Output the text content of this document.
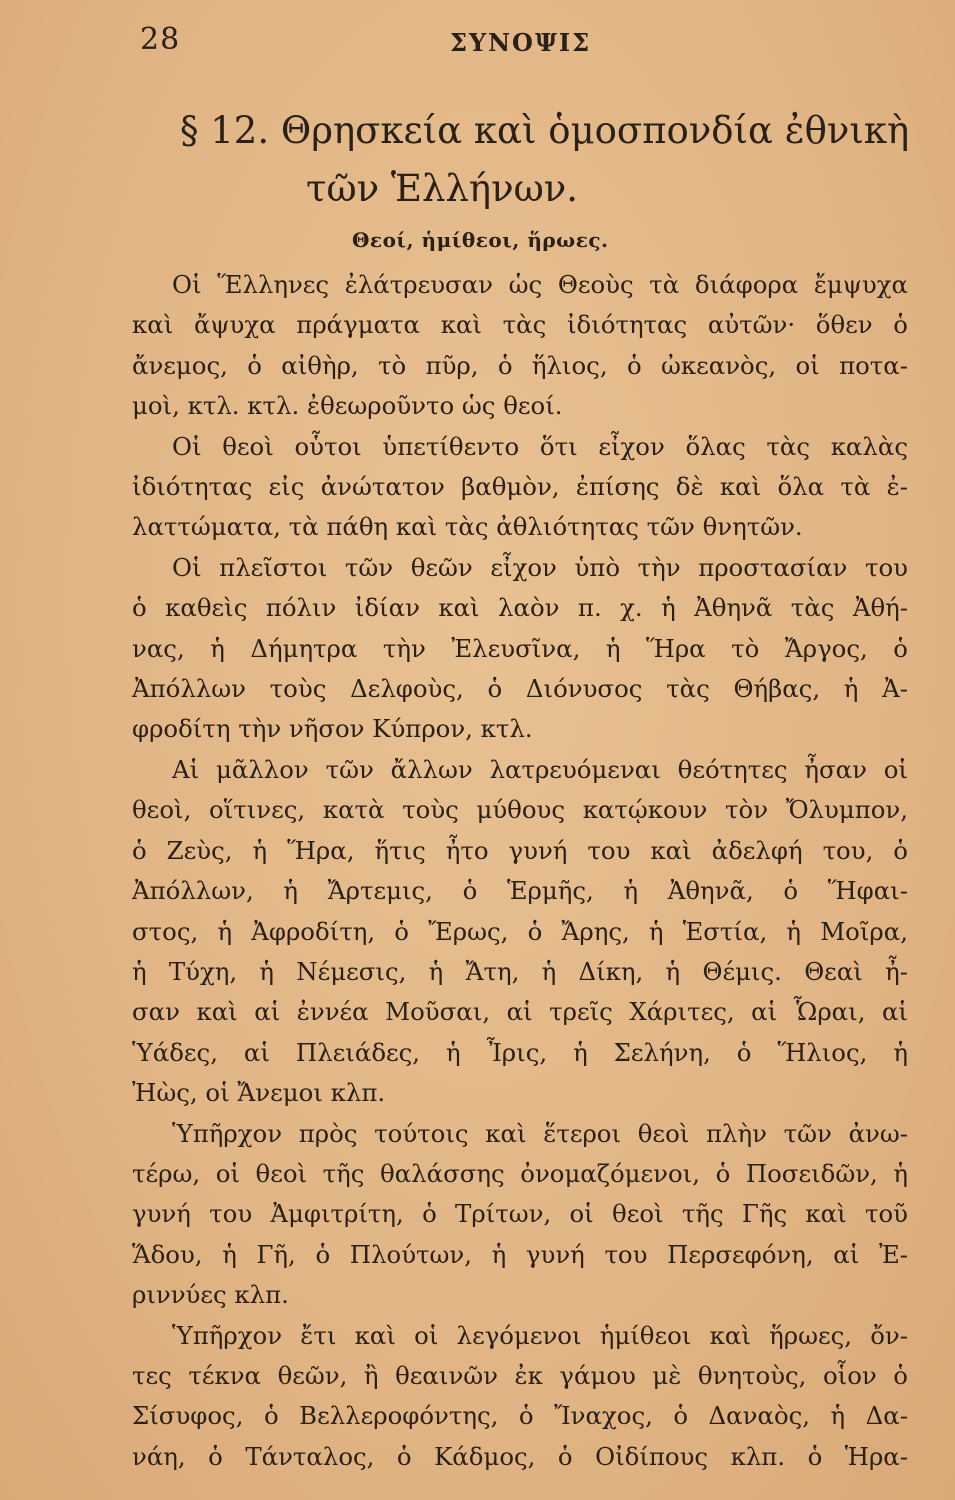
28	ΣΥΝΟΨΙΣ
§ 12. Θρησκεία καὶ ὁμοσπονδία ἐθνικὴ
τῶν Ἑλλήνων.
Θεοί, ἡμίθεοι, ἥρωες.
Οἱ Ἕλληνες ἐλάτρευσαν ὡς Θεοὺς τὰ διάφορα ἔμψυχα
καὶ ἄψυχα πράγματα καὶ τὰς ἰδιότητας αὐτῶν· ὅθεν ὁ
ἄνεμος, ὁ αἰθὴρ, τὸ πῦρ, ὁ ἥλιος, ὁ ὠκεανὸς, οἱ ποτα-
μοὶ, κτλ. κτλ. ἐθεωροῦντο ὡς θεοί.
Οἱ θεοὶ οὗτοι ὑπετίθεντο ὅτι εἶχον ὅλας τὰς καλὰς
ἰδιότητας εἰς ἀνώτατον βαθμὸν, ἐπίσης δὲ καὶ ὅλα τὰ ἐ-
λαττώματα, τὰ πάθη καὶ τὰς ἀθλιότητας τῶν θνητῶν.
Οἱ πλεῖστοι τῶν θεῶν εἶχον ὑπὸ τὴν προστασίαν του
ὁ καθεὶς πόλιν ἰδίαν καὶ λαὸν π. χ. ἡ Ἀθηνᾶ τὰς Ἀθή-
νας, ἡ Δήμητρα τὴν Ἐλευσῖνα, ἡ Ἥρα τὸ Ἄργος, ὁ
Ἀπόλλων τοὺς Δελφοὺς, ὁ Διόνυσος τὰς Θήβας, ἡ Ἀ-
φροδίτη τὴν νῆσον Κύπρον, κτλ.
Αἱ μᾶλλον τῶν ἄλλων λατρευόμεναι θεότητες ἦσαν οἱ
θεοὶ, οἵτινες, κατὰ τοὺς μύθους κατῴκουν τὸν Ὄλυμπον,
ὁ Ζεὺς, ἡ Ἥρα, ἥτις ἦτο γυνή του καὶ ἀδελφή του, ὁ
Ἀπόλλων, ἡ Ἄρτεμις, ὁ Ἑρμῆς, ἡ Ἀθηνᾶ, ὁ Ἥφαι-
στος, ἡ Ἀφροδίτη, ὁ Ἔρως, ὁ Ἄρης, ἡ Ἑστία, ἡ Μοῖρα,
ἡ Τύχη, ἡ Νέμεσις, ἡ Ἄτη, ἡ Δίκη, ἡ Θέμις. Θεαὶ ἦ-
σαν καὶ αἱ ἐννέα Μοῦσαι, αἱ τρεῖς Χάριτες, αἱ Ὧραι, αἱ
Ὑάδες, αἱ Πλειάδες, ἡ Ἶρις, ἡ Σελήνη, ὁ Ἥλιος, ἡ
Ἠὼς, οἱ Ἄνεμοι κλπ.
Ὑπῆρχον πρὸς τούτοις καὶ ἕτεροι θεοὶ πλὴν τῶν ἀνω-
τέρω, οἱ θεοὶ τῆς θαλάσσης ὀνομαζόμενοι, ὁ Ποσειδῶν, ἡ
γυνή του Ἀμφιτρίτη, ὁ Τρίτων, οἱ θεοὶ τῆς Γῆς καὶ τοῦ
Ἅδου, ἡ Γῆ, ὁ Πλούτων, ἡ γυνή του Περσεφόνη, αἱ Ἐ-
ριννύες κλπ.
Ὑπῆρχον ἔτι καὶ οἱ λεγόμενοι ἡμίθεοι καὶ ἥρωες, ὄν-
τες τέκνα θεῶν, ἢ θεαινῶν ἐκ γάμου μὲ θνητοὺς, οἷον ὁ
Σίσυφος, ὁ Βελλεροφόντης, ὁ Ἴναχος, ὁ Δαναὸς, ἡ Δα-
νάη, ὁ Τάνταλος, ὁ Κάδμος, ὁ Οἰδίπους κλπ. ὁ Ἡρα-
